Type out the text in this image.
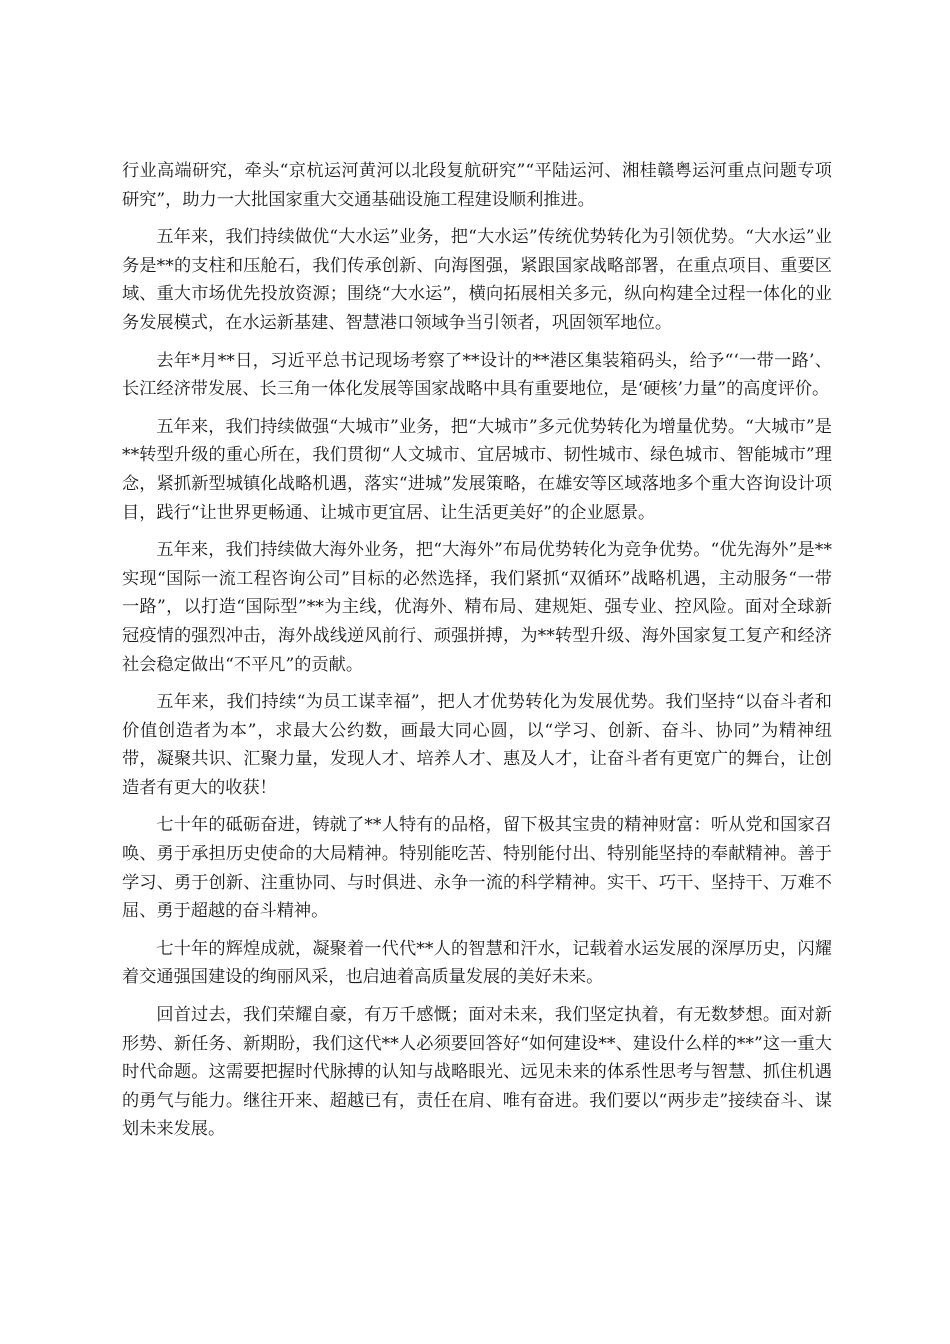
行业高端研究，牵头“京杭运河黄河以北段复航研究”“平陆运河、湘桂赣粤运河重点问题专项研究”，助力一大批国家重大交通基础设施工程建设顺利推进。

五年来，我们持续做优“大水运”业务，把“大水运”传统优势转化为引领优势。“大水运”业务是**的支柱和压舱石，我们传承创新、向海图强，紧跟国家战略部署，在重点项目、重要区域、重大市场优先投放资源；围绕“大水运”，横向拓展相关多元，纵向构建全过程一体化的业务发展模式，在水运新基建、智慧港口领域争当引领者，巩固领军地位。

去年*月**日，习近平总书记现场考察了**设计的**港区集装箱码头，给予“‘一带一路’、长江经济带发展、长三角一体化发展等国家战略中具有重要地位，是‘硬核’力量”的高度评价。

五年来，我们持续做强“大城市”业务，把“大城市”多元优势转化为增量优势。“大城市”是**转型升级的重心所在，我们贯彻“人文城市、宜居城市、韧性城市、绿色城市、智能城市”理念，紧抓新型城镇化战略机遇，落实“进城”发展策略，在雄安等区域落地多个重大咨询设计项目，践行“让世界更畅通、让城市更宜居、让生活更美好”的企业愿景。

五年来，我们持续做大海外业务，把“大海外”布局优势转化为竞争优势。“优先海外”是**实现“国际一流工程咨询公司”目标的必然选择，我们紧抓“双循环”战略机遇，主动服务“一带一路”，以打造“国际型”**为主线，优海外、精布局、建规矩、强专业、控风险。面对全球新冠疫情的强烈冲击，海外战线逆风前行、顽强拼搏，为**转型升级、海外国家复工复产和经济社会稳定做出“不平凡”的贡献。

五年来，我们持续“为员工谋幸福”，把人才优势转化为发展优势。我们坚持“以奋斗者和价值创造者为本”，求最大公约数，画最大同心圆，以“学习、创新、奋斗、协同”为精神纽带，凝聚共识、汇聚力量，发现人才、培养人才、惠及人才，让奋斗者有更宽广的舞台，让创造者有更大的收获！

七十年的砥砺奋进，铸就了**人特有的品格，留下极其宝贵的精神财富：听从党和国家召唤、勇于承担历史使命的大局精神。特别能吃苦、特别能付出、特别能坚持的奉献精神。善于学习、勇于创新、注重协同、与时俱进、永争一流的科学精神。实干、巧干、坚持干、万难不屈、勇于超越的奋斗精神。

七十年的辉煌成就，凝聚着一代代**人的智慧和汗水，记载着水运发展的深厚历史，闪耀着交通强国建设的绚丽风采，也启迪着高质量发展的美好未来。

回首过去，我们荣耀自豪，有万千感慨；面对未来，我们坚定执着，有无数梦想。面对新形势、新任务、新期盼，我们这代**人必须要回答好“如何建设**、建设什么样的**”这一重大时代命题。这需要把握时代脉搏的认知与战略眼光、远见未来的体系性思考与智慧、抓住机遇的勇气与能力。继往开来、超越已有，责任在肩、唯有奋进。我们要以“两步走”接续奋斗、谋划未来发展。
